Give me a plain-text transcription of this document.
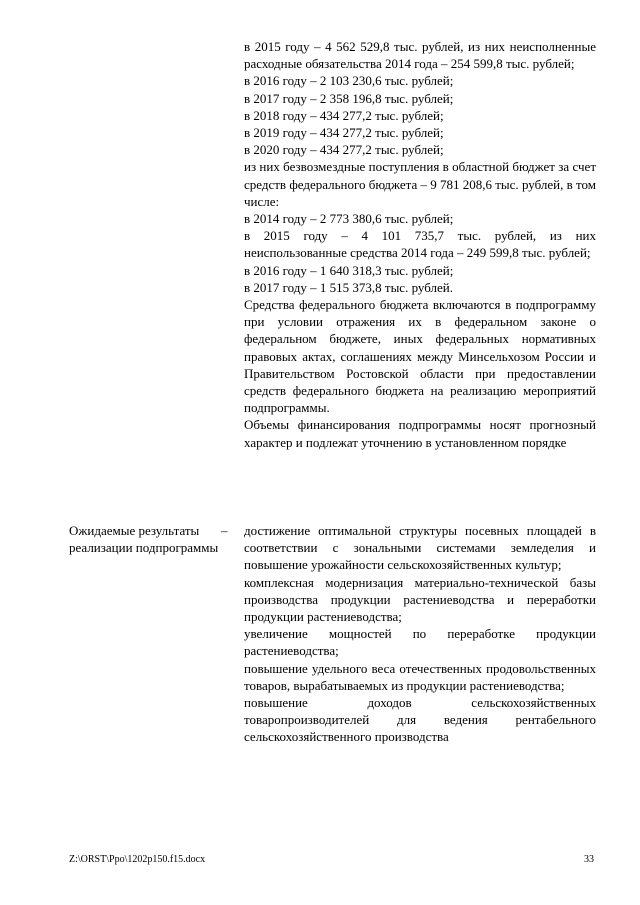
в 2015 году – 4 562 529,8 тыс. рублей, из них неисполненные расходные обязательства 2014 года – 254 599,8 тыс. рублей;

в 2016 году – 2 103 230,6 тыс. рублей;

в 2017 году – 2 358 196,8 тыс. рублей;

в 2018 году – 434 277,2 тыс. рублей;

в 2019 году – 434 277,2 тыс. рублей;

в 2020 году – 434 277,2 тыс. рублей;

из них безвозмездные поступления в областной бюджет за счет средств федерального бюджета – 9 781 208,6 тыс. рублей, в том числе:

в 2014 году – 2 773 380,6 тыс. рублей;

в 2015 году – 4 101 735,7 тыс. рублей, из них неиспользованные средства 2014 года – 249 599,8 тыс. рублей;

в 2016 году – 1 640 318,3 тыс. рублей;

в 2017 году – 1 515 373,8 тыс. рублей.

Средства федерального бюджета включаются в подпрограмму при условии отражения их в федеральном законе о федеральном бюджете, иных федеральных нормативных правовых актах, соглашениях между Минсельхозом России и Правительством Ростовской области при предоставлении средств федерального бюджета на реализацию мероприятий подпрограммы.

Объемы финансирования подпрограммы носят прогнозный характер и подлежат уточнению в установленном порядке

Ожидаемые результаты реализации подпрограммы

– достижение оптимальной структуры посевных площадей в соответствии с зональными системами земледелия и повышение урожайности сельскохозяйственных культур;

комплексная модернизация материально-технической базы производства продукции растениеводства и переработки продукции растениеводства;

увеличение мощностей по переработке продукции растениеводства;

повышение удельного веса отечественных продовольственных товаров, вырабатываемых из продукции растениеводства;

повышение доходов сельскохозяйственных товаропроизводителей для ведения рентабельного сельскохозяйственного производства

Z:\ORST\Ppo\1202p150.f15.docx	33
